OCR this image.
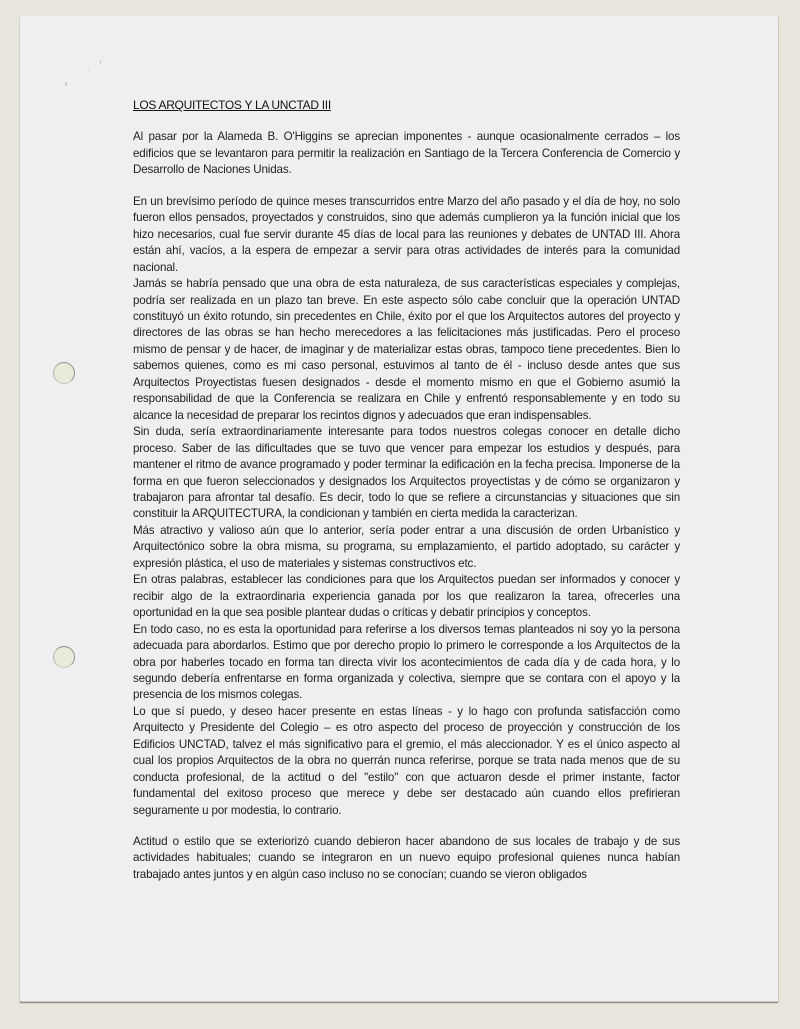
ʳ
·
ˣ
LOS ARQUITECTOS Y LA UNCTAD III

Al pasar por la Alameda B. O'Higgins se aprecian imponentes - aunque ocasionalmente cerrados – los edificios que se levantaron para permitir la realización en Santiago de la Tercera Conferencia de Comercio y Desarrollo de Naciones Unidas.

En un brevísimo período de quince meses transcurridos entre Marzo del año pasado y el día de hoy, no solo fueron ellos pensados, proyectados y construidos, sino que además cumplieron ya la función inicial que los hizo necesarios, cual fue servir durante 45 días de local para las reuniones y debates de UNTAD III. Ahora están ahí, vacíos, a la espera de empezar a servir para otras actividades de interés para la comunidad nacional.

Jamás se habría pensado que una obra de esta naturaleza, de sus características especiales y complejas, podría ser realizada en un plazo tan breve. En este aspecto sólo cabe concluir que la operación UNTAD constituyó un éxito rotundo, sin precedentes en Chile, éxito por el que los Arquitectos autores del proyecto y directores de las obras se han hecho merecedores a las felicitaciones más justificadas. Pero el proceso mismo de pensar y de hacer, de imaginar y de materializar estas obras, tampoco tiene precedentes. Bien lo sabemos quienes, como es mi caso personal, estuvimos al tanto de él - incluso desde antes que sus Arquitectos Proyectistas fuesen designados - desde el momento mismo en que el Gobierno asumió la responsabilidad de que la Conferencia se realizara en Chile y enfrentó responsablemente y en todo su alcance la necesidad de preparar los recintos dignos y adecuados que eran indispensables.

Sin duda, sería extraordinariamente interesante para todos nuestros colegas conocer en detalle dicho proceso. Saber de las dificultades que se tuvo que vencer para empezar los estudios y después, para mantener el ritmo de avance programado y poder terminar la edificación en la fecha precisa. Imponerse de la forma en que fueron seleccionados y designados los Arquitectos proyectistas y de cómo se organizaron y trabajaron para afrontar tal desafío. Es decir, todo lo que se refiere a circunstancias y situaciones que sin constituir la ARQUITECTURA, la condicionan y también en cierta medida la caracterizan.

Más atractivo y valioso aún que lo anterior, sería poder entrar a una discusión de orden Urbanístico y Arquitectónico sobre la obra misma, su programa, su emplazamiento, el partido adoptado, su carácter y expresión plástica, el uso de materiales y sistemas constructivos etc.

En otras palabras, establecer las condiciones para que los Arquitectos puedan ser informados y conocer y recibir algo de la extraordinaria experiencia ganada por los que realizaron la tarea, ofrecerles una oportunidad en la que sea posible plantear dudas o críticas y debatir principios y conceptos.

En todo caso, no es esta la oportunidad para referirse a los diversos temas planteados ni soy yo la persona adecuada para abordarlos. Estimo que por derecho propio lo primero le corresponde a los Arquitectos de la obra por haberles tocado en forma tan directa vivir los acontecimientos de cada día y de cada hora, y lo segundo debería enfrentarse en forma organizada y colectiva, siempre que se contara con el apoyo y la presencia de los mismos colegas.

Lo que sí puedo, y deseo hacer presente en estas líneas - y lo hago con profunda satisfacción como Arquitecto y Presidente del Colegio – es otro aspecto del proceso de proyección y construcción de los Edificios UNCTAD, talvez el más significativo para el gremio, el más aleccionador. Y es el único aspecto al cual los propios Arquitectos de la obra no querrán nunca referirse, porque se trata nada menos que de su conducta profesional, de la actitud o del "estilo" con que actuaron desde el primer instante, factor fundamental del exitoso proceso que merece y debe ser destacado aún cuando ellos prefirieran seguramente u por modestia, lo contrario.

Actitud o estilo que se exteriorizó cuando debieron hacer abandono de sus locales de trabajo y de sus actividades habituales; cuando se integraron en un nuevo equipo profesional quienes nunca habían trabajado antes juntos y en algún caso incluso no se conocían; cuando se vieron obligados
